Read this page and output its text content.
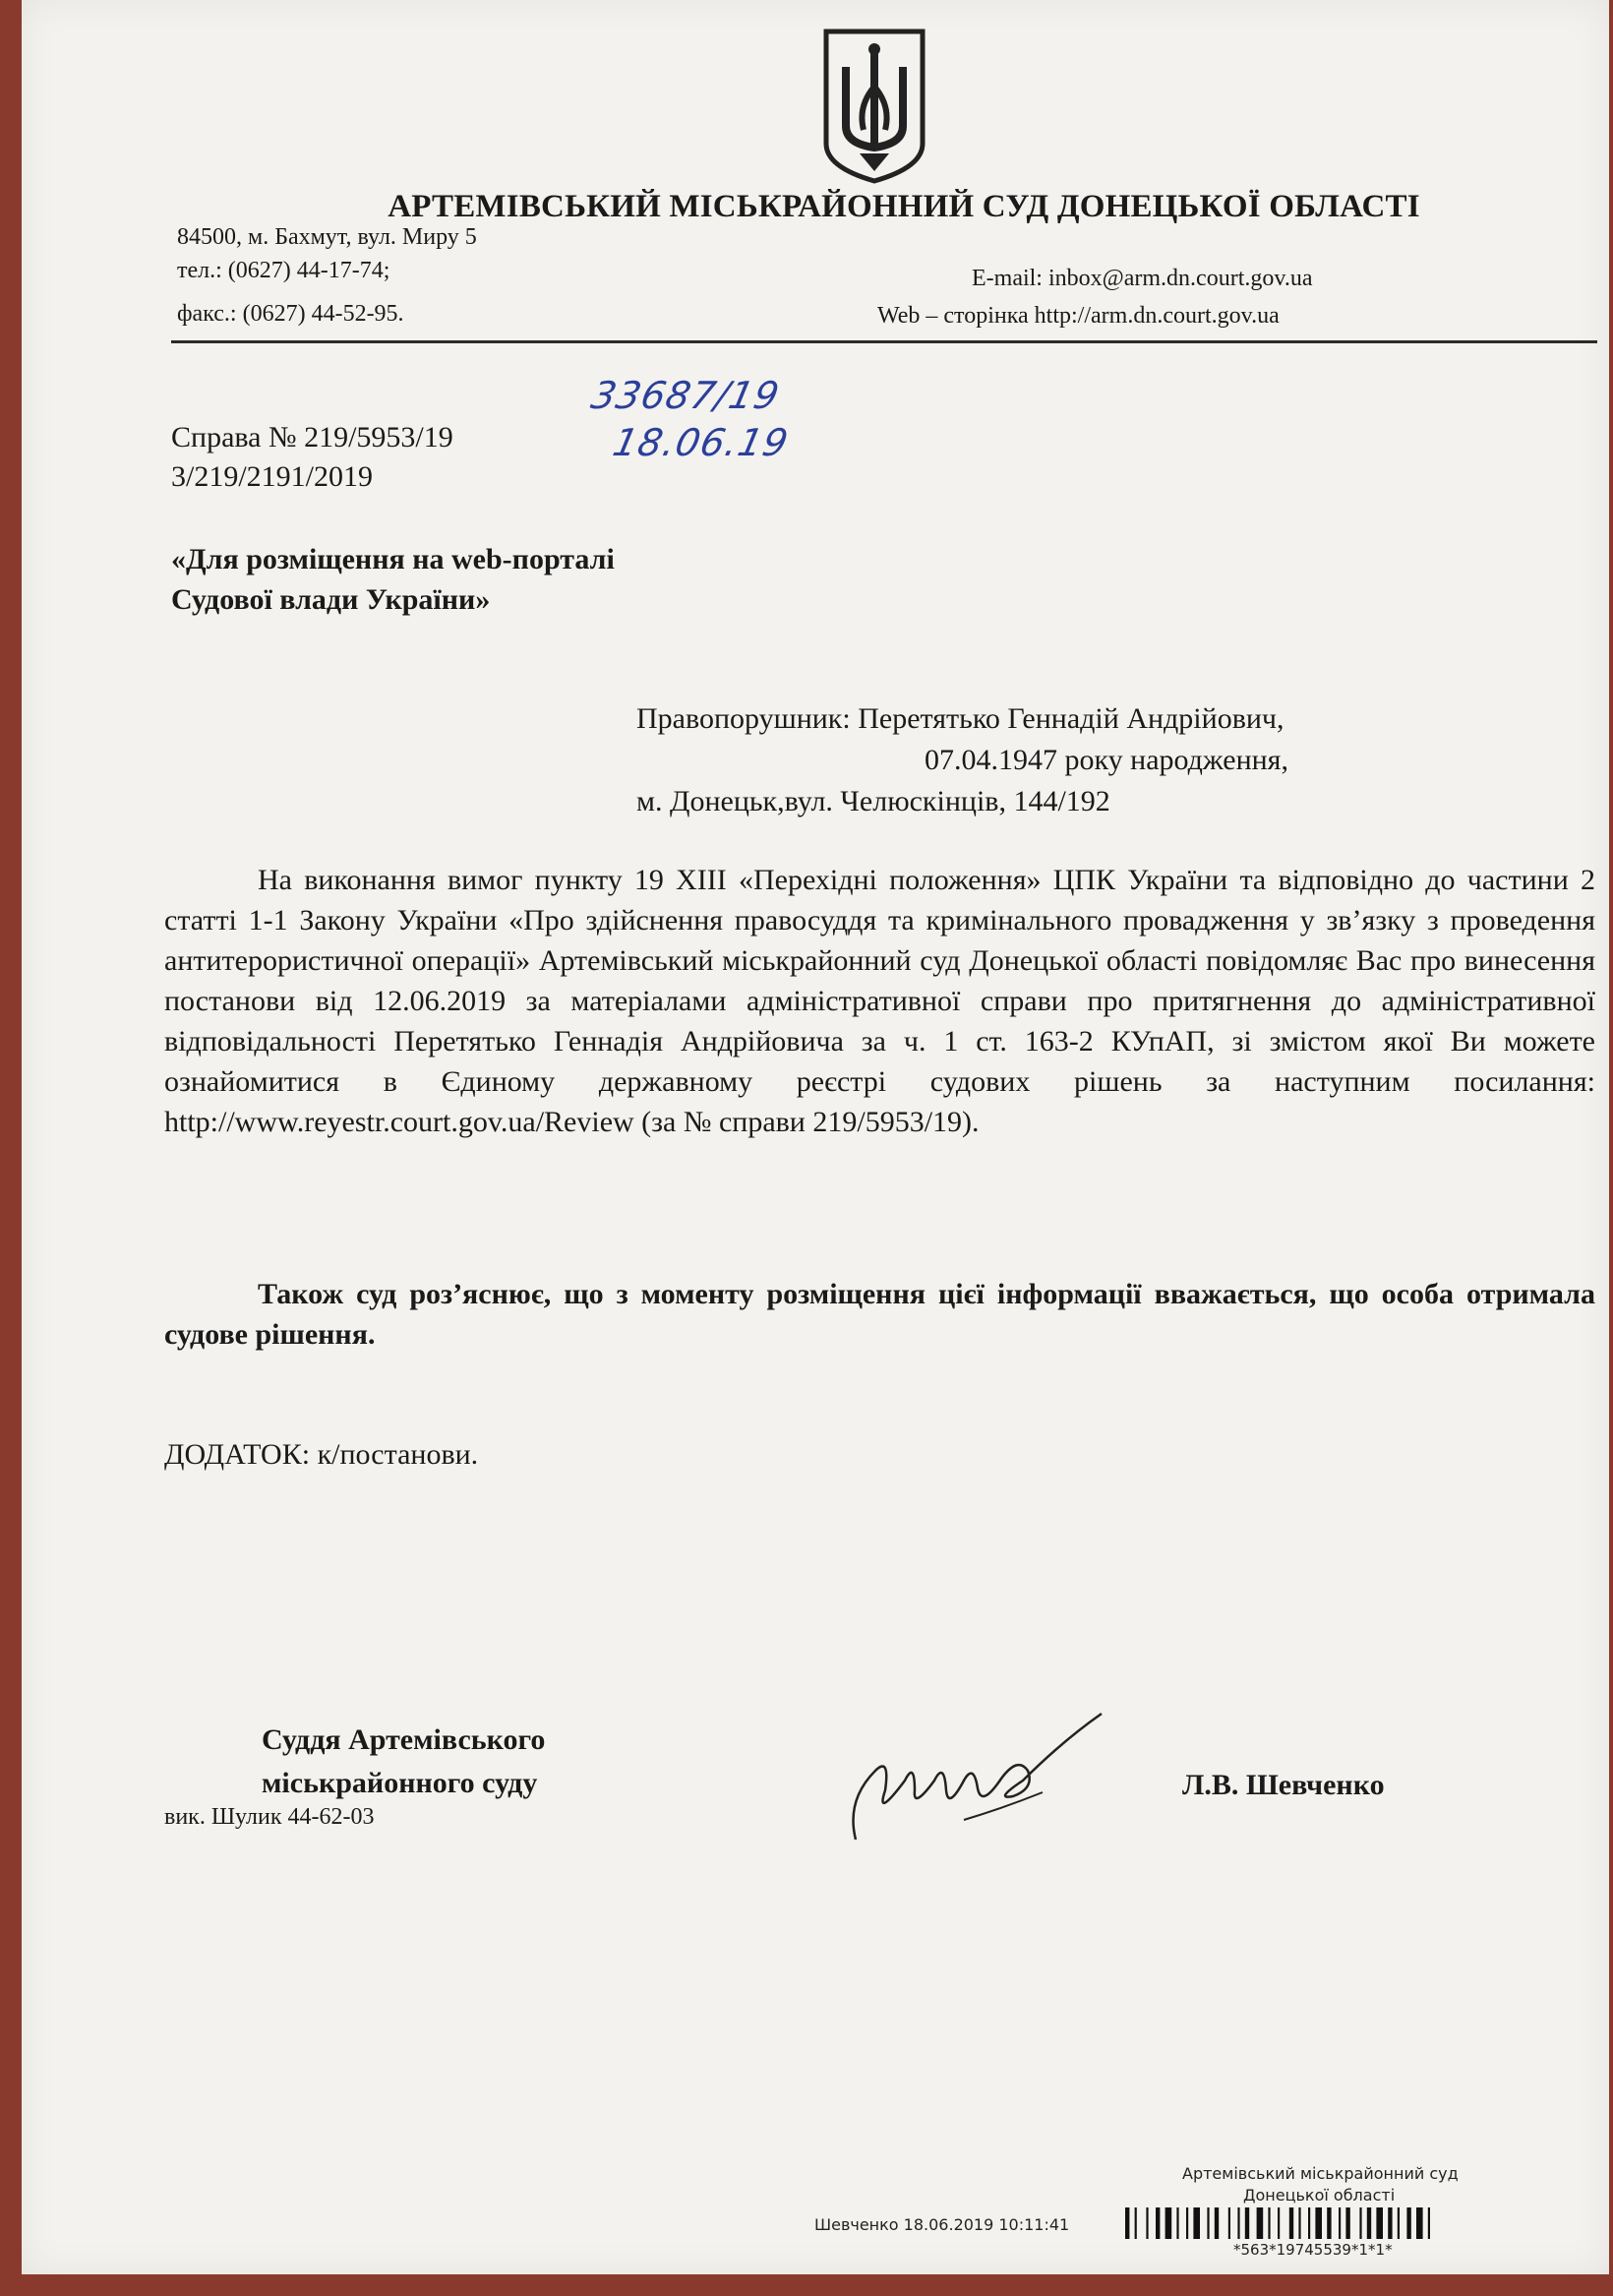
АРТЕМІВСЬКИЙ МІСЬКРАЙОННИЙ СУД ДОНЕЦЬКОЇ ОБЛАСТІ
84500, м. Бахмут, вул. Миру 5
тел.: (0627) 44-17-74;
факс.: (0627) 44-52-95.
E-mail: inbox@arm.dn.court.gov.ua
Web – сторінка http://arm.dn.court.gov.ua
33687/19
18.06.19
Справа № 219/5953/19
3/219/2191/2019
«Для розміщення на web-порталі
Судової влади України»
Правопорушник: Перетятько Геннадій Андрійович,
07.04.1947 року народження,
м. Донецьк,вул. Челюскінців, 144/192
На виконання вимог пункту 19 XIII «Перехідні положення» ЦПК України та відповідно до частини 2 статті 1-1 Закону України «Про здійснення правосуддя та кримінального провадження у зв’язку з проведення антитерористичної операції» Артемівський міськрайонний суд Донецької області повідомляє Вас про винесення постанови від 12.06.2019 за матеріалами адміністративної справи про притягнення до адміністративної відповідальності Перетятько Геннадія Андрійовича за ч. 1 ст. 163-2 КУпАП, зі змістом якої Ви можете ознайомитися в Єдиному державному реєстрі судових рішень за наступним посилання: http://www.reyestr.court.gov.ua/Review (за № справи 219/5953/19).
Також суд роз’яснює, що з моменту розміщення цієї інформації вважається, що особа отримала судове рішення.
ДОДАТОК: к/постанови.
Суддя Артемівського
міськрайонного суду
вик. Шулик 44-62-03
Л.В. Шевченко
Артемівський міськрайонний суд
Донецької області
Шевченко 18.06.2019 10:11:41
*563*19745539*1*1*
